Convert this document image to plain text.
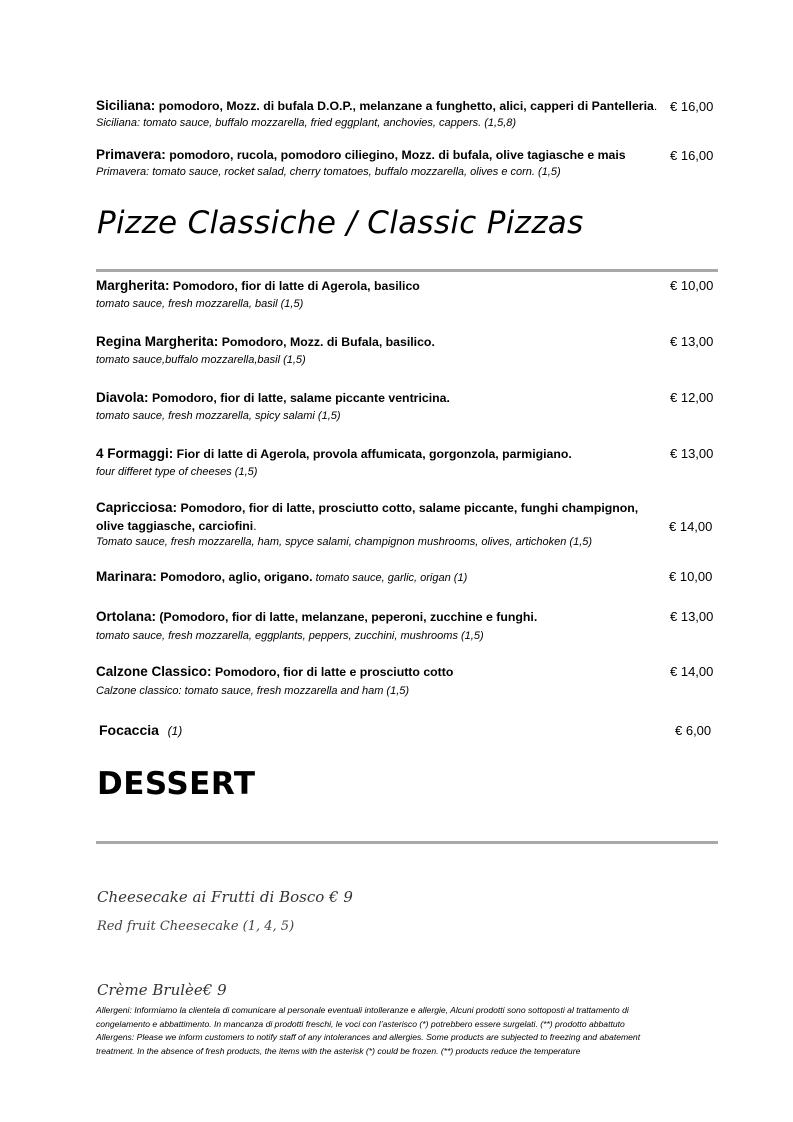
Siciliana: pomodoro, Mozz. di bufala D.O.P., melanzane a funghetto, alici, capperi di Pantelleria.
Siciliana: tomato sauce, buffalo mozzarella, fried eggplant, anchovies, cappers. (1,5,8)
€ 16,00
Primavera: pomodoro, rucola, pomodoro ciliegino, Mozz. di bufala, olive tagiasche e mais
Primavera: tomato sauce, rocket salad, cherry tomatoes, buffalo mozzarella, olives e corn. (1,5)
€ 16,00
Pizze Classiche / Classic Pizzas
Margherita: Pomodoro, fior di latte di Agerola, basilico
tomato sauce, fresh mozzarella, basil (1,5)
€ 10,00
Regina Margherita: Pomodoro, Mozz. di Bufala, basilico.
tomato sauce,buffalo mozzarella,basil (1,5)
€ 13,00
Diavola: Pomodoro, fior di latte, salame piccante ventricina.
tomato sauce, fresh mozzarella, spicy salami (1,5)
€ 12,00
4 Formaggi: Fior di latte di Agerola, provola affumicata, gorgonzola, parmigiano.
four differet type of cheeses (1,5)
€ 13,00
Capricciosa: Pomodoro, fior di latte, prosciutto cotto, salame piccante, funghi champignon,
olive taggiasche, carciofini.
Tomato sauce, fresh mozzarella, ham, spyce salami, champignon mushrooms, olives, artichoken (1,5)
€ 14,00
Marinara: Pomodoro, aglio, origano. tomato sauce, garlic, origan (1)	€ 10,00
Ortolana: (Pomodoro, fior di latte, melanzane, peperoni, zucchine e funghi.
tomato sauce, fresh mozzarella, eggplants, peppers, zucchini, mushrooms (1,5)
€ 13,00
Calzone Classico: Pomodoro, fior di latte e prosciutto cotto
Calzone classico: tomato sauce, fresh mozzarella and ham (1,5)
€ 14,00
Focaccia (1)	€ 6,00
DESSERT
Cheesecake ai Frutti di Bosco € 9
Red fruit Cheesecake (1, 4, 5)
Crème Brulèe€ 9
Allergeni: Informiamo la clientela di comunicare al personale eventuali intolleranze e allergie, Alcuni prodotti sono sottoposti al trattamento di
congelamento e abbattimento. In mancanza di prodotti freschi, le voci con l’asterisco (*) potrebbero essere surgelati. (**) prodotto abbattuto
Allergens: Please we inform customers to notify staff of any intolerances and allergies. Some products are subjected to freezing and abatement
treatment. In the absence of fresh products, the items with the asterisk (*) could be frozen. (**) products reduce the temperature
